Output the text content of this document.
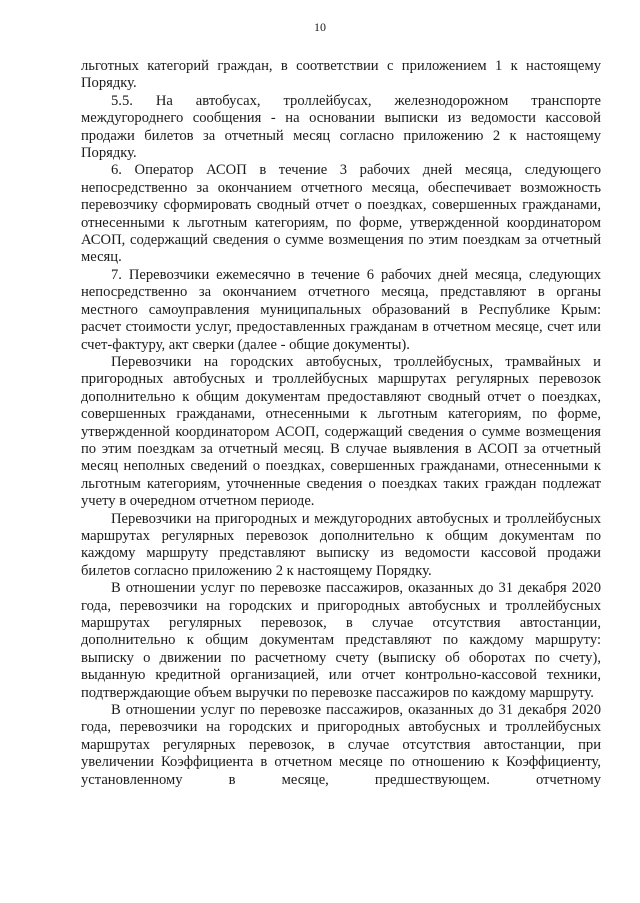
10

льготных категорий граждан, в соответствии с приложением 1 к настоящему Порядку.

5.5. На автобусах, троллейбусах, железнодорожном транспорте междугороднего сообщения - на основании выписки из ведомости кассовой продажи билетов за отчетный месяц согласно приложению 2 к настоящему Порядку.

6. Оператор АСОП в течение 3 рабочих дней месяца, следующего непосредственно за окончанием отчетного месяца, обеспечивает возможность перевозчику сформировать сводный отчет о поездках, совершенных гражданами, отнесенными к льготным категориям, по форме, утвержденной координатором АСОП, содержащий сведения о сумме возмещения по этим поездкам за отчетный месяц.

7. Перевозчики ежемесячно в течение 6 рабочих дней месяца, следующих непосредственно за окончанием отчетного месяца, представляют в органы местного самоуправления муниципальных образований в Республике Крым: расчет стоимости услуг, предоставленных гражданам в отчетном месяце, счет или счет-фактуру, акт сверки (далее - общие документы).

Перевозчики на городских автобусных, троллейбусных, трамвайных и пригородных автобусных и троллейбусных маршрутах регулярных перевозок дополнительно к общим документам предоставляют сводный отчет о поездках, совершенных гражданами, отнесенными к льготным категориям, по форме, утвержденной координатором АСОП, содержащий сведения о сумме возмещения по этим поездкам за отчетный месяц. В случае выявления в АСОП за отчетный месяц неполных сведений о поездках, совершенных гражданами, отнесенными к льготным категориям, уточненные сведения о поездках таких граждан подлежат учету в очередном отчетном периоде.

Перевозчики на пригородных и междугородних автобусных и троллейбусных маршрутах регулярных перевозок дополнительно к общим документам по каждому маршруту представляют выписку из ведомости кассовой продажи билетов согласно приложению 2 к настоящему Порядку.

В отношении услуг по перевозке пассажиров, оказанных до 31 декабря 2020 года, перевозчики на городских и пригородных автобусных и троллейбусных маршрутах регулярных перевозок, в случае отсутствия автостанции, дополнительно к общим документам представляют по каждому маршруту: выписку о движении по расчетному счету (выписку об оборотах по счету), выданную кредитной организацией, или отчет контрольно-кассовой техники, подтверждающие объем выручки по перевозке пассажиров по каждому маршруту.

В отношении услуг по перевозке пассажиров, оказанных до 31 декабря 2020 года, перевозчики на городских и пригородных автобусных и троллейбусных маршрутах регулярных перевозок, в случае отсутствия автостанции, при увеличении Коэффициента в отчетном месяце по отношению к Коэффициенту, установленному в месяце, предшествующем. отчетному
